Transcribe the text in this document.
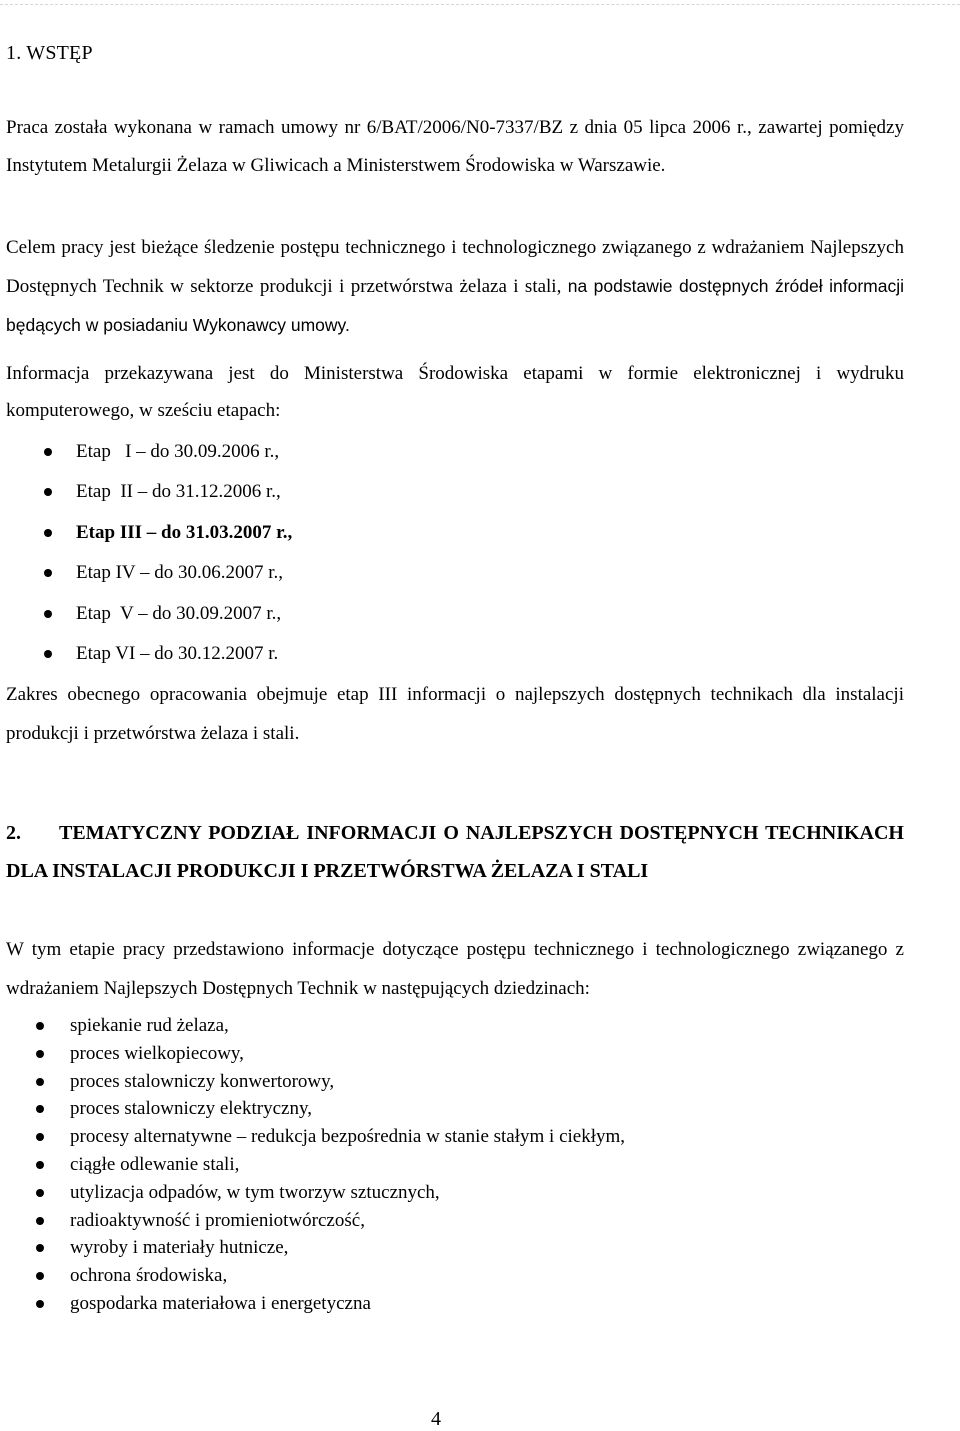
1. WSTĘP

Praca została wykonana w ramach umowy nr 6/BAT/2006/N0-7337/BZ z dnia 05 lipca 2006 r., zawartej pomiędzy Instytutem Metalurgii Żelaza w Gliwicach a Ministerstwem Środowiska w Warszawie.

Celem pracy jest bieżące śledzenie postępu technicznego i technologicznego związanego z wdrażaniem Najlepszych Dostępnych Technik w sektorze produkcji i przetwórstwa żelaza i stali, na podstawie dostępnych źródeł informacji będących w posiadaniu Wykonawcy umowy.

Informacja przekazywana jest do Ministerstwa Środowiska etapami w formie elektronicznej i wydruku komputerowego, w sześciu etapach:

Etap   I – do 30.09.2006 r.,
Etap  II – do 31.12.2006 r.,
Etap III – do 31.03.2007 r.,
Etap IV – do 30.06.2007 r.,
Etap  V – do 30.09.2007 r.,
Etap VI – do 30.12.2007 r.

Zakres obecnego opracowania obejmuje etap III informacji o najlepszych dostępnych technikach dla instalacji produkcji i przetwórstwa żelaza i stali.

2. TEMATYCZNY PODZIAŁ INFORMACJI O NAJLEPSZYCH DOSTĘPNYCH TECHNIKACH DLA INSTALACJI PRODUKCJI I PRZETWÓRSTWA ŻELAZA I STALI

W tym etapie pracy przedstawiono informacje dotyczące postępu technicznego i technologicznego związanego z wdrażaniem Najlepszych Dostępnych Technik w następujących dziedzinach:

spiekanie rud żelaza,
proces wielkopiecowy,
proces stalowniczy konwertorowy,
proces stalowniczy elektryczny,
procesy alternatywne – redukcja bezpośrednia w stanie stałym i ciekłym,
ciągłe odlewanie stali,
utylizacja odpadów, w tym tworzyw sztucznych,
radioaktywność i promieniotwórczość,
wyroby i materiały hutnicze,
ochrona środowiska,
gospodarka materiałowa i energetyczna
4
